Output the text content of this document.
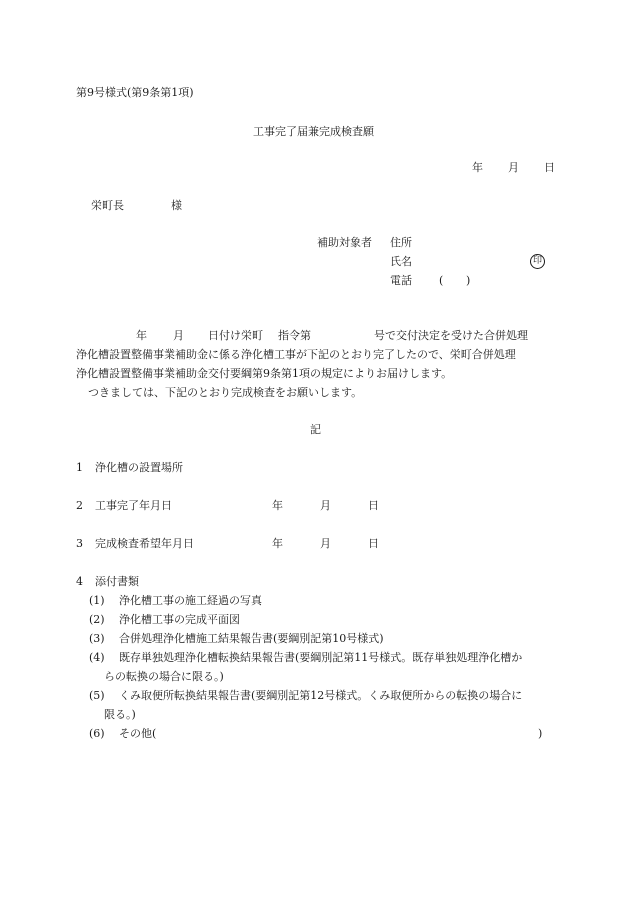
第9号様式(第9条第1項)
工事完了届兼完成検査願
年 月 日
栄町長	様
補助対象者 住所
氏名	印
電話 ( )
年 月 日付け栄町 指令第	号で交付決定を受けた合併処理
浄化槽設置整備事業補助金に係る浄化槽工事が下記のとおり完了したので、栄町合併処理
浄化槽設置整備事業補助金交付要綱第9条第1項の規定によりお届けします。
つきましては、下記のとおり完成検査をお願いします。
記
1 浄化槽の設置場所
2 工事完了年月日	年	月	日
3 完成検査希望年月日	年	月	日
4 添付書類
(1) 浄化槽工事の施工経過の写真
(2) 浄化槽工事の完成平面図
(3) 合併処理浄化槽施工結果報告書(要綱別記第10号様式)
(4) 既存単独処理浄化槽転換結果報告書(要綱別記第11号様式。既存単独処理浄化槽か
らの転換の場合に限る。)
(5) くみ取便所転換結果報告書(要綱別記第12号様式。くみ取便所からの転換の場合に
限る。)
(6) その他(	)
